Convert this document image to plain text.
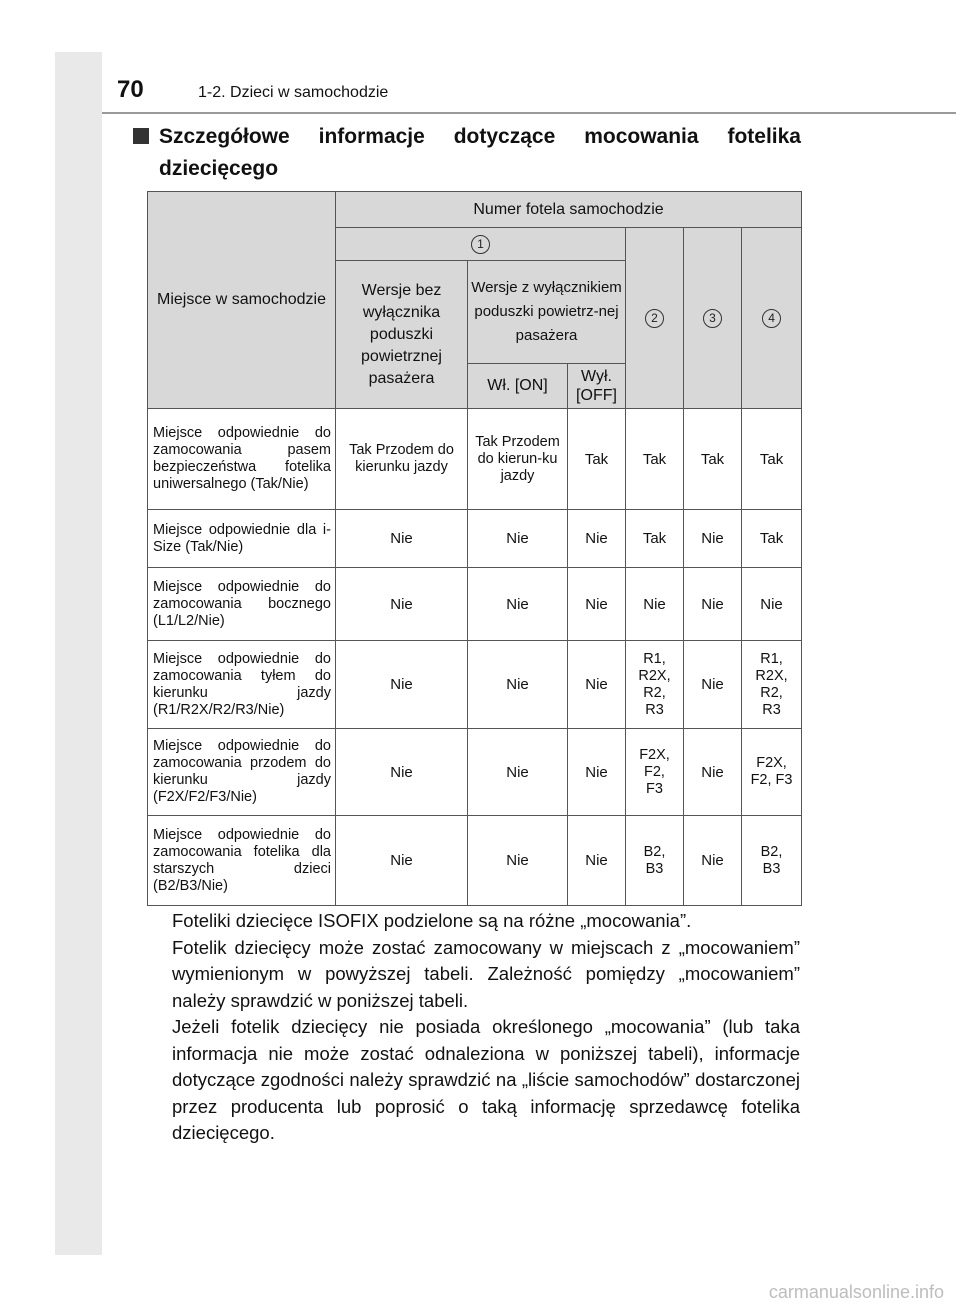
70	1-2. Dzieci w samochodzie
Szczegółowe informacje dotyczące mocowania fotelika dziecięcego
Miejsce w samochodzie	Numer fotela samochodzie					
	1			2	3	4
	Wersje bez wyłącznika poduszki powietrznej pasażera	Wersje z wyłącznikiem poduszki powietrz-nej pasażera				
		Wł. [ON]	Wył. [OFF]			
Miejsce odpowiednie do zamocowania pasem bezpieczeństwa fotelika uniwersalnego (Tak/Nie)	Tak Przodem do kierunku jazdy	Tak Przodem do kierun-ku jazdy	Tak	Tak	Tak	Tak
Miejsce odpowiednie dla i-Size (Tak/Nie)	Nie	Nie	Nie	Tak	Nie	Tak
Miejsce odpowiednie do zamocowania bocznego (L1/L2/Nie)	Nie	Nie	Nie	Nie	Nie	Nie
Miejsce odpowiednie do zamocowania tyłem do kierunku jazdy (R1/R2X/R2/R3/Nie)	Nie	Nie	Nie	R1, R2X, R2, R3	Nie	R1, R2X, R2, R3
Miejsce odpowiednie do zamocowania przodem do kierunku jazdy (F2X/F2/F3/Nie)	Nie	Nie	Nie	F2X, F2, F3	Nie	F2X, F2, F3
Miejsce odpowiednie do zamocowania fotelika dla starszych dzieci (B2/B3/Nie)	Nie	Nie	Nie	B2, B3	Nie	B2, B3

Foteliki dziecięce ISOFIX podzielone są na różne „mocowania”.

Fotelik dziecięcy może zostać zamocowany w miejscach z „mocowaniem” wymienionym w powyższej tabeli. Zależność pomiędzy „mocowaniem” należy sprawdzić w poniższej tabeli.

Jeżeli fotelik dziecięcy nie posiada określonego „mocowania” (lub taka informacja nie może zostać odnaleziona w poniższej tabeli), informacje dotyczące zgodności należy sprawdzić na „liście samochodów” dostarczonej przez producenta lub poprosić o taką informację sprzedawcę fotelika dziecięcego.

carmanualsonline.info
